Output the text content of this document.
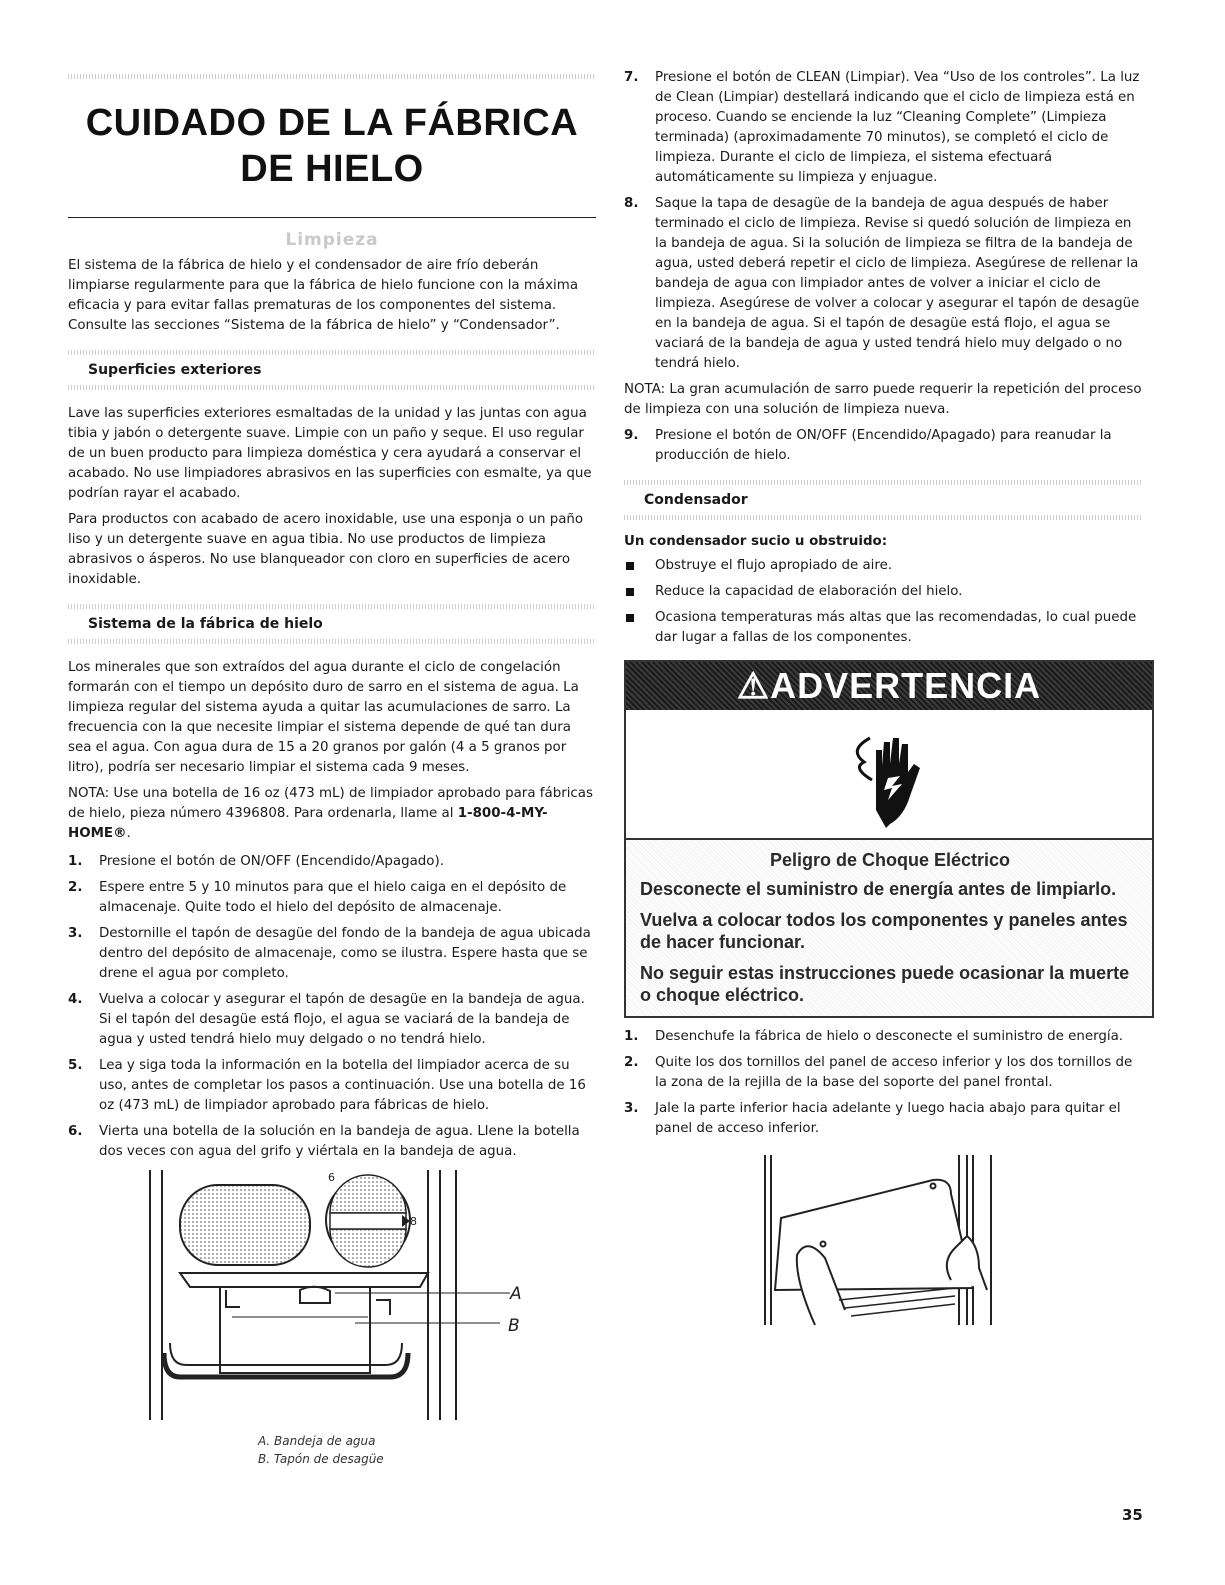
CUIDADO DE LA FÁBRICA
DE HIELO
Limpieza

El sistema de la fábrica de hielo y el condensador de aire frío deberán limpiarse regularmente para que la fábrica de hielo funcione con la máxima eficacia y para evitar fallas prematuras de los componentes del sistema. Consulte las secciones “Sistema de la fábrica de hielo” y “Condensador”.

Superficies exteriores

Lave las superficies exteriores esmaltadas de la unidad y las juntas con agua tibia y jabón o detergente suave. Limpie con un paño y seque. El uso regular de un buen producto para limpieza doméstica y cera ayudará a conservar el acabado. No use limpiadores abrasivos en las superficies con esmalte, ya que podrían rayar el acabado.

Para productos con acabado de acero inoxidable, use una esponja o un paño liso y un detergente suave en agua tibia. No use productos de limpieza abrasivos o ásperos. No use blanqueador con cloro en superficies de acero inoxidable.

Sistema de la fábrica de hielo

Los minerales que son extraídos del agua durante el ciclo de congelación formarán con el tiempo un depósito duro de sarro en el sistema de agua. La limpieza regular del sistema ayuda a quitar las acumulaciones de sarro. La frecuencia con la que necesite limpiar el sistema depende de qué tan dura sea el agua. Con agua dura de 15 a 20 granos por galón (4 a 5 granos por litro), podría ser necesario limpiar el sistema cada 9 meses.

NOTA: Use una botella de 16 oz (473 mL) de limpiador aprobado para fábricas de hielo, pieza número 4396808. Para ordenarla, llame al 1-800-4-MY-HOME®.

1. Presione el botón de ON/OFF (Encendido/Apagado).
2. Espere entre 5 y 10 minutos para que el hielo caiga en el depósito de almacenaje. Quite todo el hielo del depósito de almacenaje.
3. Destornille el tapón de desagüe del fondo de la bandeja de agua ubicada dentro del depósito de almacenaje, como se ilustra. Espere hasta que se drene el agua por completo.
4. Vuelva a colocar y asegurar el tapón de desagüe en la bandeja de agua. Si el tapón del desagüe está flojo, el agua se vaciará de la bandeja de agua y usted tendrá hielo muy delgado o no tendrá hielo.
5. Lea y siga toda la información en la botella del limpiador acerca de su uso, antes de completar los pasos a continuación. Use una botella de 16 oz (473 mL) de limpiador aprobado para fábricas de hielo.
6. Vierta una botella de la solución en la bandeja de agua. Llene la botella dos veces con agua del grifo y viértala en la bandeja de agua.
6
8
A
B
A. Bandeja de agua
B. Tapón de desagüe
7. Presione el botón de CLEAN (Limpiar). Vea “Uso de los controles”. La luz de Clean (Limpiar) destellará indicando que el ciclo de limpieza está en proceso. Cuando se enciende la luz “Cleaning Complete” (Limpieza terminada) (aproximadamente 70 minutos), se completó el ciclo de limpieza. Durante el ciclo de limpieza, el sistema efectuará automáticamente su limpieza y enjuague.
8. Saque la tapa de desagüe de la bandeja de agua después de haber terminado el ciclo de limpieza. Revise si quedó solución de limpieza en la bandeja de agua. Si la solución de limpieza se filtra de la bandeja de agua, usted deberá repetir el ciclo de limpieza. Asegúrese de rellenar la bandeja de agua con limpiador antes de volver a iniciar el ciclo de limpieza. Asegúrese de volver a colocar y asegurar el tapón de desagüe en la bandeja de agua. Si el tapón de desagüe está flojo, el agua se vaciará de la bandeja de agua y usted tendrá hielo muy delgado o no tendrá hielo.

NOTA: La gran acumulación de sarro puede requerir la repetición del proceso de limpieza con una solución de limpieza nueva.

9. Presione el botón de ON/OFF (Encendido/Apagado) para reanudar la producción de hielo.
Condensador

Un condensador sucio u obstruido:

Obstruye el flujo apropiado de aire.
Reduce la capacidad de elaboración del hielo.
Ocasiona temperaturas más altas que las recomendadas, lo cual puede dar lugar a fallas de los componentes.
⚠ADVERTENCIA
Peligro de Choque Eléctrico
Desconecte el suministro de energía antes de limpiarlo.
Vuelva a colocar todos los componentes y paneles antes de hacer funcionar.
No seguir estas instrucciones puede ocasionar la muerte o choque eléctrico.
1. Desenchufe la fábrica de hielo o desconecte el suministro de energía.
2. Quite los dos tornillos del panel de acceso inferior y los dos tornillos de la zona de la rejilla de la base del soporte del panel frontal.
3. Jale la parte inferior hacia adelante y luego hacia abajo para quitar el panel de acceso inferior.
35
